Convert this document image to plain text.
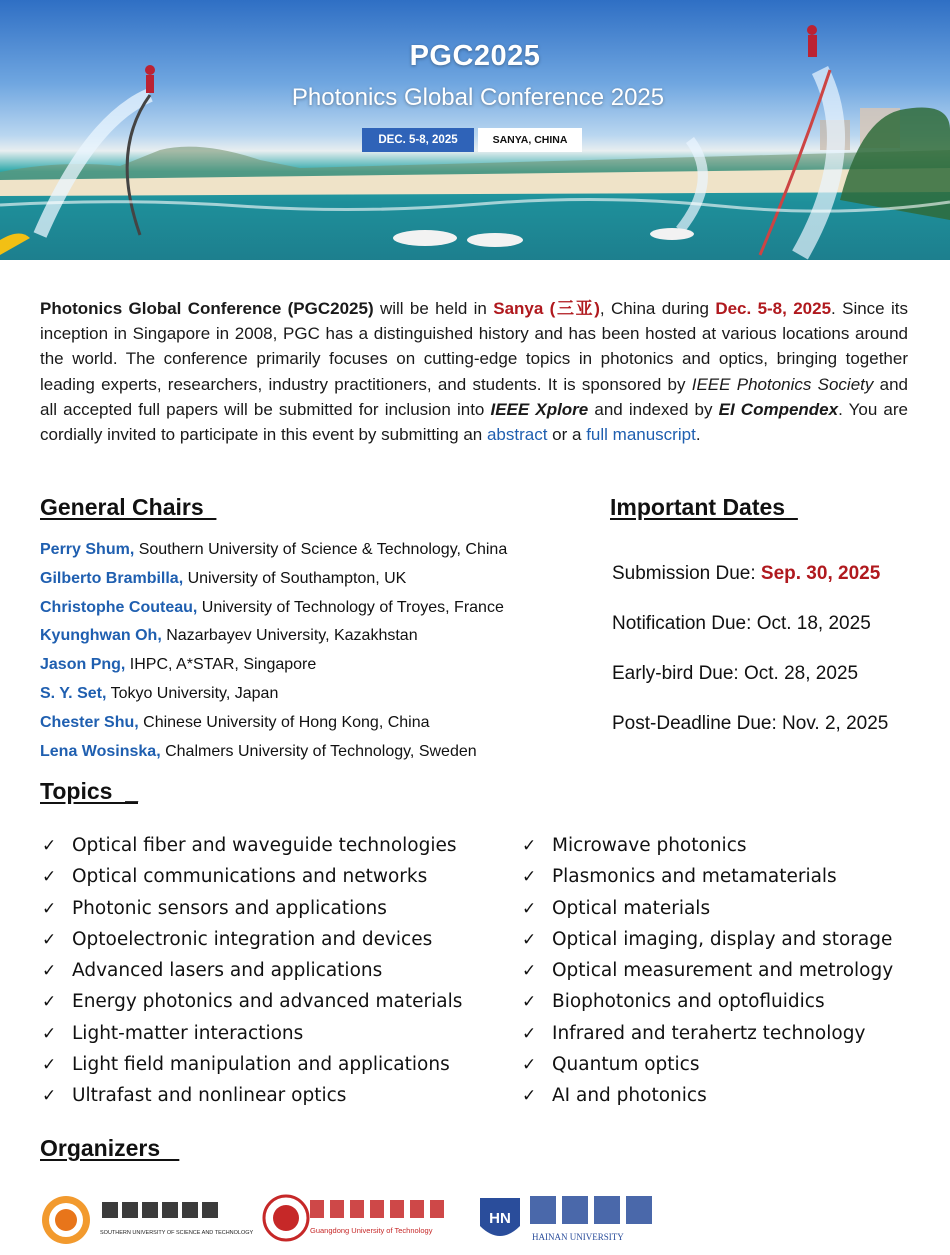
PGC2025
Photonics Global Conference 2025
DEC. 5-8, 2025	SANYA, CHINA
Photonics Global Conference (PGC2025) will be held in Sanya (三亚), China during Dec. 5-8, 2025. Since its inception in Singapore in 2008, PGC has a distinguished history and has been hosted at various locations around the world. The conference primarily focuses on cutting-edge topics in photonics and optics, bringing together leading experts, researchers, industry practitioners, and students. It is sponsored by IEEE Photonics Society and all accepted full papers will be submitted for inclusion into IEEE Xplore and indexed by EI Compendex. You are cordially invited to participate in this event by submitting an abstract or a full manuscript.
General Chairs
Perry Shum, Southern University of Science & Technology, China
Gilberto Brambilla, University of Southampton, UK
Christophe Couteau, University of Technology of Troyes, France
Kyunghwan Oh, Nazarbayev University, Kazakhstan
Jason Png, IHPC, A*STAR, Singapore
S. Y. Set, Tokyo University, Japan
Chester Shu, Chinese University of Hong Kong, China
Lena Wosinska, Chalmers University of Technology, Sweden
Important Dates
Submission Due: Sep. 30, 2025
Notification Due: Oct. 18, 2025
Early-bird Due: Oct. 28, 2025
Post-Deadline Due: Nov. 2, 2025
Topics  _
✓ Optical fiber and waveguide technologies
✓ Optical communications and networks
✓ Photonic sensors and applications
✓ Optoelectronic integration and devices
✓ Advanced lasers and applications
✓ Energy photonics and advanced materials
✓ Light-matter interactions
✓ Light field manipulation and applications
✓ Ultrafast and nonlinear optics
✓ Microwave photonics
✓ Plasmonics and metamaterials
✓ Optical materials
✓ Optical imaging, display and storage
✓ Optical measurement and metrology
✓ Biophotonics and optofluidics
✓ Infrared and terahertz technology
✓ Quantum optics
✓ AI and photonics
Organizers
SOUTHERN UNIVERSITY OF SCIENCE AND TECHNOLOGY	Guangdong University of Technology
HN
HAINAN UNIVERSITY
